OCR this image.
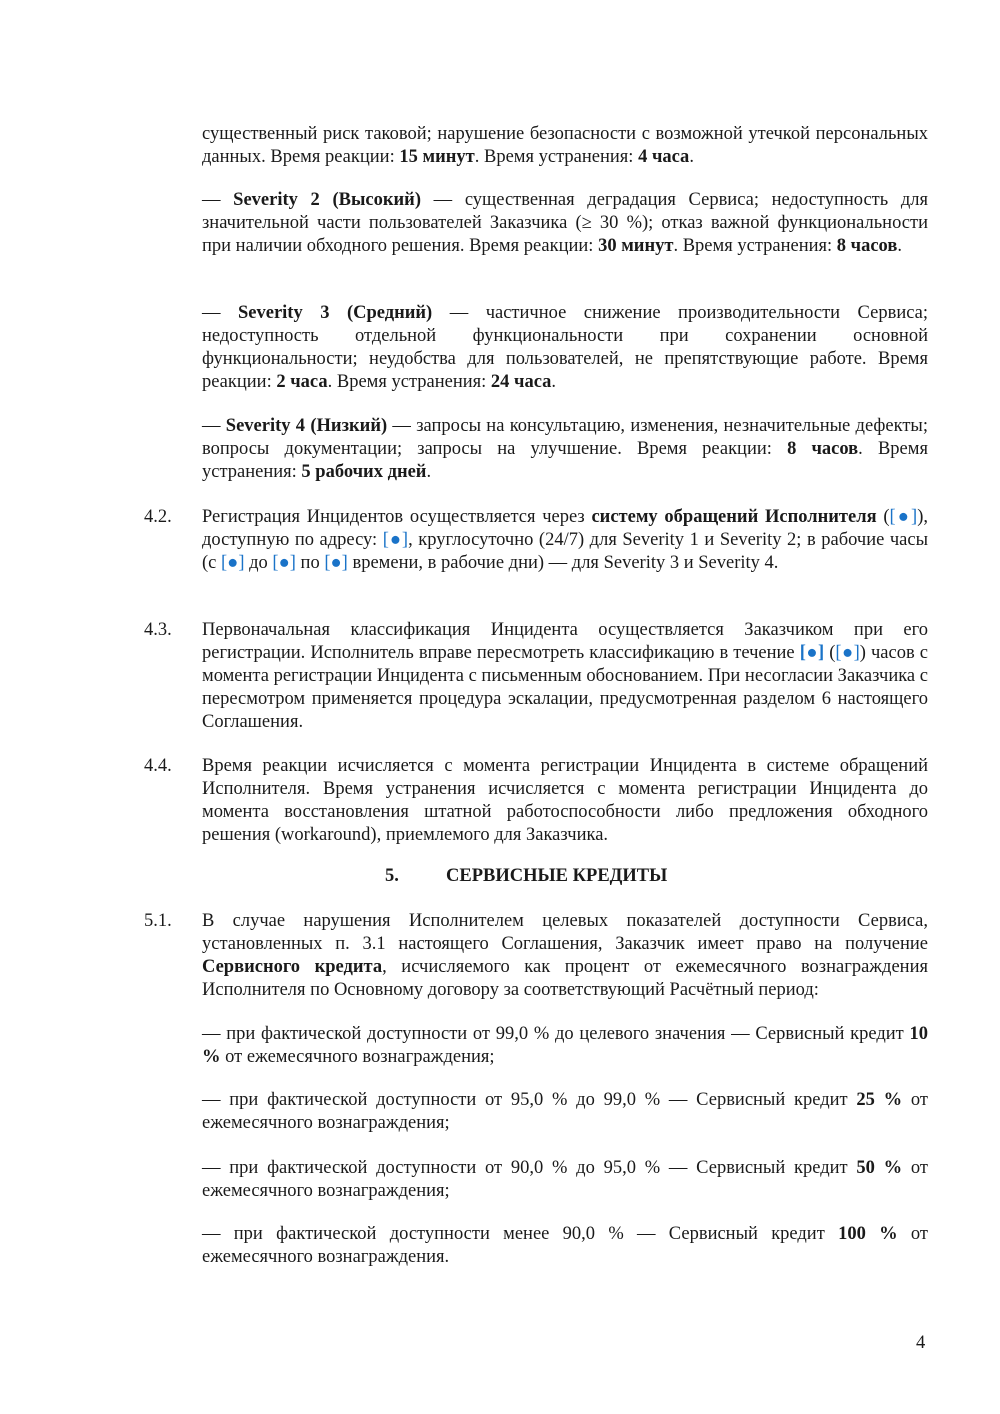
4.2.
4.3.
4.4.
5.1.

существенный риск таковой; нарушение безопасности с возможной утечкой персональных данных. Время реакции: 15 минут. Время устранения: 4 часа.

— Severity 2 (Высокий) — существенная деградация Сервиса; недоступность для значительной части пользователей Заказчика (≥ 30 %); отказ важной функциональности при наличии обходного решения. Время реакции: 30 минут. Время устранения: 8 часов.

— Severity 3 (Средний) — частичное снижение производительности Сервиса; недоступность отдельной функциональности при сохранении основной функциональности; неудобства для пользователей, не препятствующие работе. Время реакции: 2 часа. Время устранения: 24 часа.

— Severity 4 (Низкий) — запросы на консультацию, изменения, незначительные дефекты; вопросы документации; запросы на улучшение. Время реакции: 8 часов. Время устранения: 5 рабочих дней.

Регистрация Инцидентов осуществляется через систему обращений Исполнителя ([●]), доступную по адресу: [●], круглосуточно (24/7) для Severity 1 и Severity 2; в рабочие часы (с [●] до [●] по [●] времени, в рабочие дни) — для Severity 3 и Severity 4.

Первоначальная классификация Инцидента осуществляется Заказчиком при его регистрации. Исполнитель вправе пересмотреть классификацию в течение [●] ([●]) часов с момента регистрации Инцидента с письменным обоснованием. При несогласии Заказчика с пересмотром применяется процедура эскалации, предусмотренная разделом 6 настоящего Соглашения.

Время реакции исчисляется с момента регистрации Инцидента в системе обращений Исполнителя. Время устранения исчисляется с момента регистрации Инцидента до момента восстановления штатной работоспособности либо предложения обходного решения (workaround), приемлемого для Заказчика.

5.	СЕРВИСНЫЕ КРЕДИТЫ

В случае нарушения Исполнителем целевых показателей доступности Сервиса, установленных п. 3.1 настоящего Соглашения, Заказчик имеет право на получение Сервисного кредита, исчисляемого как процент от ежемесячного вознаграждения Исполнителя по Основному договору за соответствующий Расчётный период:

— при фактической доступности от 99,0 % до целевого значения — Сервисный кредит 10 % от ежемесячного вознаграждения;

— при фактической доступности от 95,0 % до 99,0 % — Сервисный кредит 25 % от ежемесячного вознаграждения;

— при фактической доступности от 90,0 % до 95,0 % — Сервисный кредит 50 % от ежемесячного вознаграждения;

— при фактической доступности менее 90,0 % — Сервисный кредит 100 % от ежемесячного вознаграждения.

4
